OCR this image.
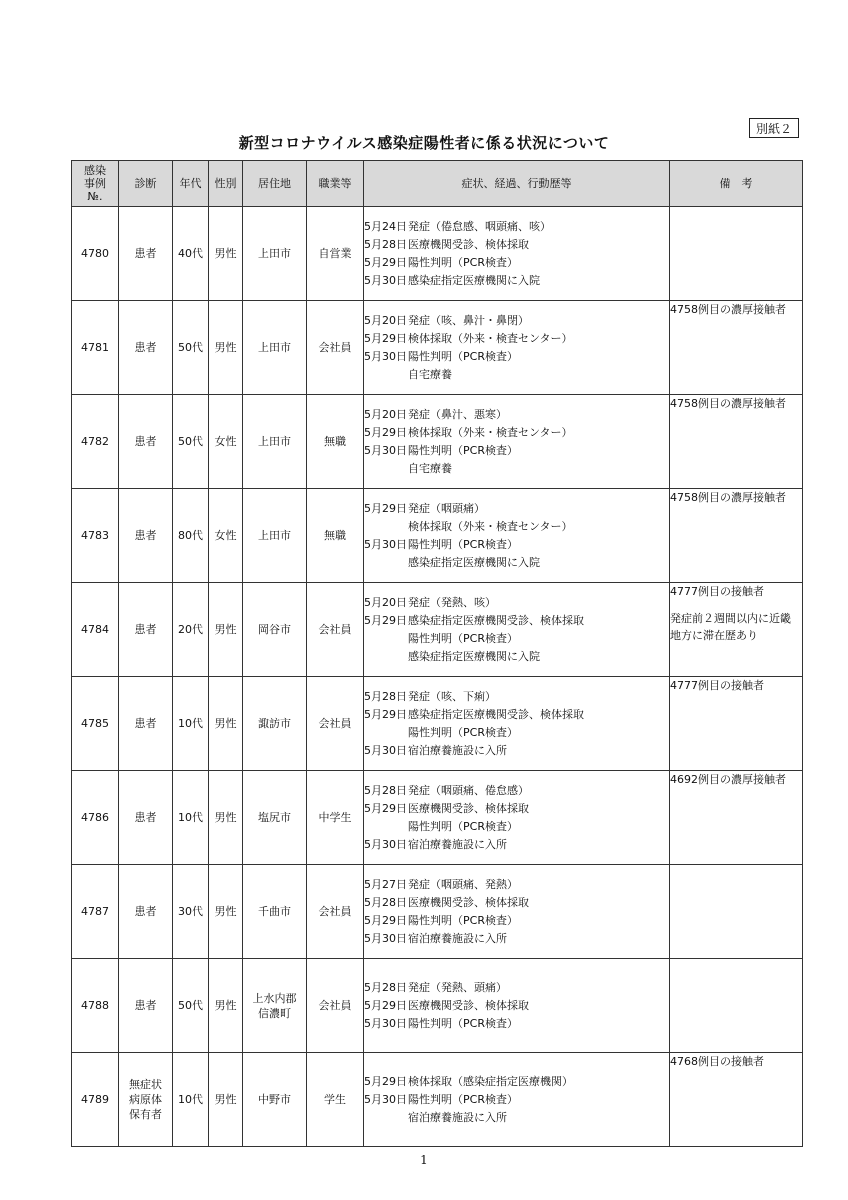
別紙２
新型コロナウイルス感染症陽性者に係る状況について
感染
事例
№.	診断	年代	性別	居住地	職業等	症状、経過、行動歴等	備　考
4780	患者	40代	男性	上田市	自営業	5月24日発症（倦怠感、咽頭痛、咳）
5月28日医療機関受診、検体採取
5月29日陽性判明（PCR検査）
5月30日感染症指定医療機関に入院	

4781	患者	50代	男性	上田市	会社員	5月20日発症（咳、鼻汁・鼻閉）
5月29日検体採取（外来・検査センター）
5月30日陽性判明（PCR検査）
自宅療養	4758例目の濃厚接触者

4782	患者	50代	女性	上田市	無職	5月20日発症（鼻汁、悪寒）
5月29日検体採取（外来・検査センター）
5月30日陽性判明（PCR検査）
自宅療養	4758例目の濃厚接触者

4783	患者	80代	女性	上田市	無職	5月29日発症（咽頭痛）
検体採取（外来・検査センター）
5月30日陽性判明（PCR検査）
感染症指定医療機関に入院	4758例目の濃厚接触者

4784	患者	20代	男性	岡谷市	会社員	5月20日発症（発熱、咳）
5月29日感染症指定医療機関受診、検体採取
陽性判明（PCR検査）
感染症指定医療機関に入院	4777例目の接触者
発症前２週間以内に近畿
地方に滞在歴あり

4785	患者	10代	男性	諏訪市	会社員	5月28日発症（咳、下痢）
5月29日感染症指定医療機関受診、検体採取
陽性判明（PCR検査）
5月30日宿泊療養施設に入所	4777例目の接触者

4786	患者	10代	男性	塩尻市	中学生	5月28日発症（咽頭痛、倦怠感）
5月29日医療機関受診、検体採取
陽性判明（PCR検査）
5月30日宿泊療養施設に入所	4692例目の濃厚接触者

4787	患者	30代	男性	千曲市	会社員	5月27日発症（咽頭痛、発熱）
5月28日医療機関受診、検体採取
5月29日陽性判明（PCR検査）
5月30日宿泊療養施設に入所	

4788	患者	50代	男性	上水内郡
信濃町	会社員	5月28日発症（発熱、頭痛）
5月29日医療機関受診、検体採取
5月30日陽性判明（PCR検査）	

4789	無症状
病原体
保有者	10代	男性	中野市	学生	5月29日検体採取（感染症指定医療機関）
5月30日陽性判明（PCR検査）
宿泊療養施設に入所	4768例目の接触者
1
